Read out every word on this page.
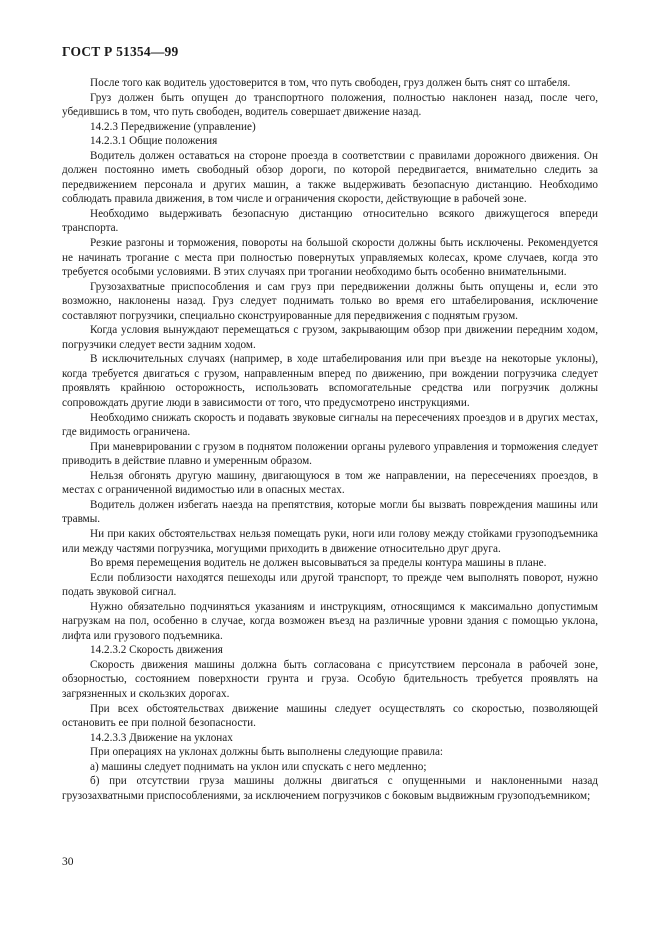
ГОСТ Р 51354—99

После того как водитель удостоверится в том, что путь свободен, груз должен быть снят со штабеля.

Груз должен быть опущен до транспортного положения, полностью наклонен назад, после чего, убедившись в том, что путь свободен, водитель совершает движение назад.

14.2.3 Передвижение (управление)

14.2.3.1 Общие положения

Водитель должен оставаться на стороне проезда в соответствии с правилами дорожного движения. Он должен постоянно иметь свободный обзор дороги, по которой передвигается, внимательно следить за передвижением персонала и других машин, а также выдерживать безопасную дистанцию. Необходимо соблюдать правила движения, в том числе и ограничения скорости, действующие в рабочей зоне.

Необходимо выдерживать безопасную дистанцию относительно всякого движущегося впереди транспорта.

Резкие разгоны и торможения, повороты на большой скорости должны быть исключены. Рекомендуется не начинать трогание с места при полностью повернутых управляемых колесах, кроме случаев, когда это требуется особыми условиями. В этих случаях при трогании необходимо быть особенно внимательными.

Грузозахватные приспособления и сам груз при передвижении должны быть опущены и, если это возможно, наклонены назад. Груз следует поднимать только во время его штабелирования, исключение составляют погрузчики, специально сконструированные для передвижения с поднятым грузом.

Когда условия вынуждают перемещаться с грузом, закрывающим обзор при движении передним ходом, погрузчики следует вести задним ходом.

В исключительных случаях (например, в ходе штабелирования или при въезде на некоторые уклоны), когда требуется двигаться с грузом, направленным вперед по движению, при вождении погрузчика следует проявлять крайнюю осторожность, использовать вспомогательные средства или погрузчик должны сопровождать другие люди в зависимости от того, что предусмотрено инструкциями.

Необходимо снижать скорость и подавать звуковые сигналы на пересечениях проездов и в других местах, где видимость ограничена.

При маневрировании с грузом в поднятом положении органы рулевого управления и торможения следует приводить в действие плавно и умеренным образом.

Нельзя обгонять другую машину, двигающуюся в том же направлении, на пересечениях проездов, в местах с ограниченной видимостью или в опасных местах.

Водитель должен избегать наезда на препятствия, которые могли бы вызвать повреждения машины или травмы.

Ни при каких обстоятельствах нельзя помещать руки, ноги или голову между стойками грузоподъемника или между частями погрузчика, могущими приходить в движение относительно друг друга.

Во время перемещения водитель не должен высовываться за пределы контура машины в плане.

Если поблизости находятся пешеходы или другой транспорт, то прежде чем выполнять поворот, нужно подать звуковой сигнал.

Нужно обязательно подчиняться указаниям и инструкциям, относящимся к максимально допустимым нагрузкам на пол, особенно в случае, когда возможен въезд на различные уровни здания с помощью уклона, лифта или грузового подъемника.

14.2.3.2 Скорость движения

Скорость движения машины должна быть согласована с присутствием персонала в рабочей зоне, обзорностью, состоянием поверхности грунта и груза. Особую бдительность требуется проявлять на загрязненных и скользких дорогах.

При всех обстоятельствах движение машины следует осуществлять со скоростью, позволяющей остановить ее при полной безопасности.

14.2.3.3 Движение на уклонах

При операциях на уклонах должны быть выполнены следующие правила:

а) машины следует поднимать на уклон или спускать с него медленно;

б) при отсутствии груза машины должны двигаться с опущенными и наклоненными назад грузозахватными приспособлениями, за исключением погрузчиков с боковым выдвижным грузоподъемником;

30
